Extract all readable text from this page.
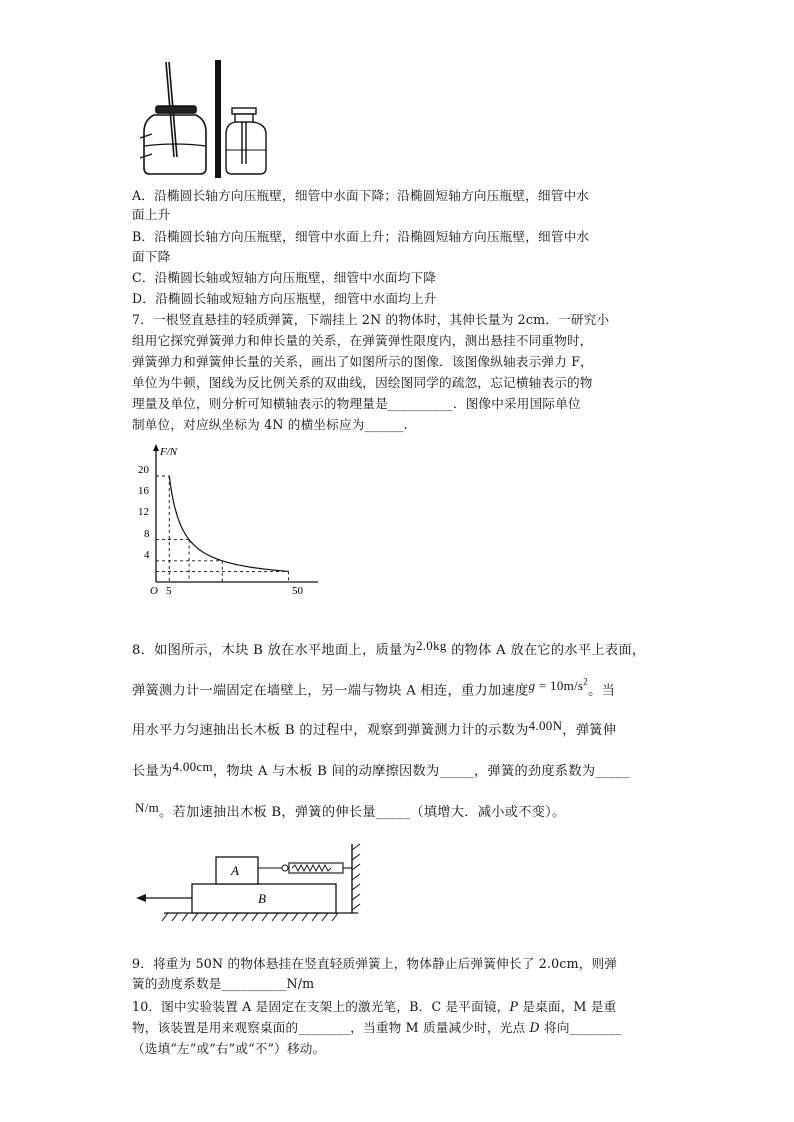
A．沿椭圆长轴方向压瓶壁，细管中水面下降；沿椭圆短轴方向压瓶壁，细管中水
面上升
B．沿椭圆长轴方向压瓶壁，细管中水面上升；沿椭圆短轴方向压瓶壁，细管中水
面下降
C．沿椭圆长轴或短轴方向压瓶壁，细管中水面均下降
D．沿椭圆长轴或短轴方向压瓶壁，细管中水面均上升
7．一根竖直悬挂的轻质弹簧，下端挂上 2N 的物体时，其伸长量为 2cm．一研究小
组用它探究弹簧弹力和伸长量的关系，在弹簧弹性限度内，测出悬挂不同重物时，
弹簧弹力和弹簧伸长量的关系，画出了如图所示的图像．该图像纵轴表示弹力 F，
单位为牛顿，图线为反比例关系的双曲线，因绘图同学的疏忽，忘记横轴表示的物
理量及单位，则分析可知横轴表示的物理量是__________．图像中采用国际单位
制单位，对应纵坐标为 4N 的横坐标应为______.
F/N
20
16
12
8
4
O 5	50
8．如图所示，木块 B 放在水平地面上，质量为2.0kg 的物体 A 放在它的水平上表面，
弹簧测力计一端固定在墙壁上，另一端与物块 A 相连，重力加速度$g = 10m/s^2$。当
用水平力匀速抽出长木板 B 的过程中，观察到弹簧测力计的示数为4.00N，弹簧伸
长量为4.00cm，物块 A 与木板 B 间的动摩擦因数为_____，弹簧的劲度系数为_____
N/m。若加速抽出木板 B，弹簧的伸长量_____（填增大．减小或不变）。
B
A
9．将重为 50N 的物体悬挂在竖直轻质弹簧上，物体静止后弹簧伸长了 2.0cm，则弹
簧的劲度系数是__________N/m
10．图中实验装置 A 是固定在支架上的激光笔，B．C 是平面镜，P 是桌面，M 是重
物，该装置是用来观察桌面的________，当重物 M 质量减少时，光点 D 将向________
（选填“左”或“右”或“不”）移动。
